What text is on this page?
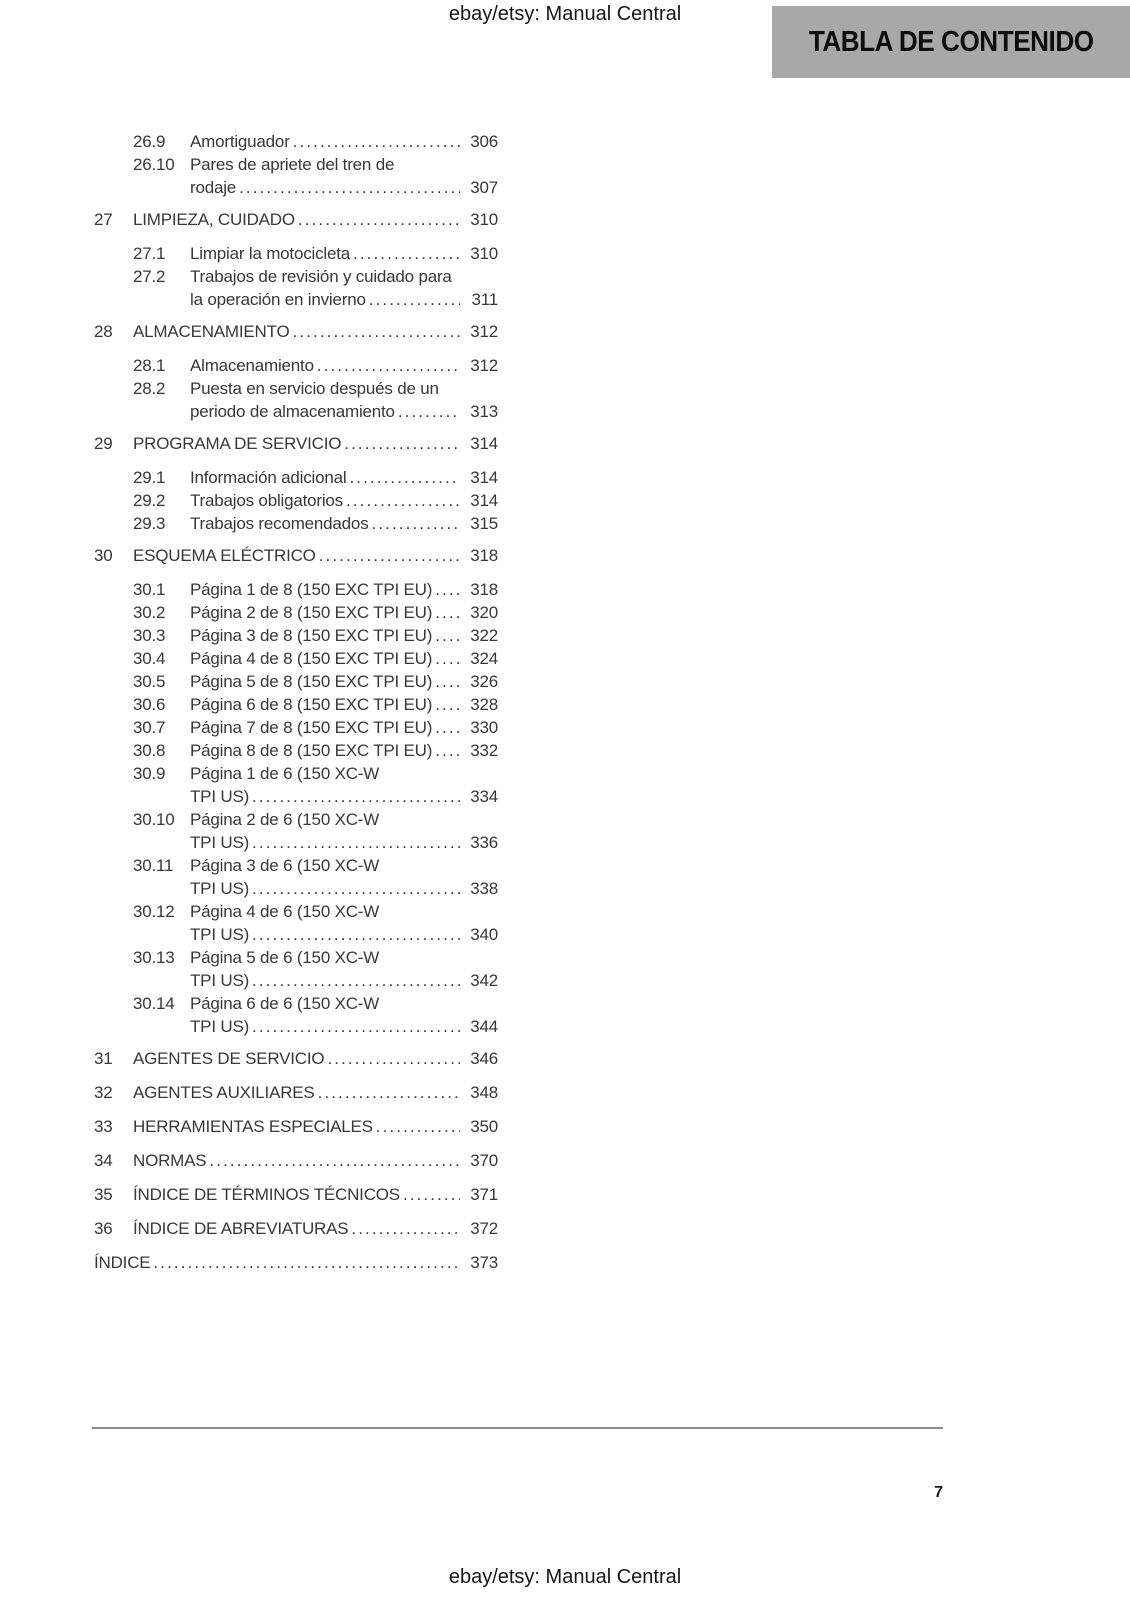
ebay/etsy: Manual Central
TABLA DE CONTENIDO
26.9	Amortiguador .....	306
26.10 Pares de apriete del tren de
rodaje .....	307
27	LIMPIEZA, CUIDADO .....	310
27.1	Limpiar la motocicleta .....	310
27.2	Trabajos de revisión y cuidado para
la operación en invierno .....	311
28	ALMACENAMIENTO .....	312
28.1	Almacenamiento .....	312
28.2	Puesta en servicio después de un
periodo de almacenamiento .....	313
29	PROGRAMA DE SERVICIO .....	314
29.1	Información adicional .....	314
29.2	Trabajos obligatorios .....	314
29.3	Trabajos recomendados .....	315
30	ESQUEMA ELÉCTRICO .....	318
30.1	Página 1 de 8 (150 EXC TPI EU) .....	318
30.2	Página 2 de 8 (150 EXC TPI EU) .....	320
30.3	Página 3 de 8 (150 EXC TPI EU) .....	322
30.4	Página 4 de 8 (150 EXC TPI EU) .....	324
30.5	Página 5 de 8 (150 EXC TPI EU) .....	326
30.6	Página 6 de 8 (150 EXC TPI EU) .....	328
30.7	Página 7 de 8 (150 EXC TPI EU) .....	330
30.8	Página 8 de 8 (150 EXC TPI EU) .....	332
30.9	Página 1 de 6 (150 XC-W
TPI US) .....	334
30.10 Página 2 de 6 (150 XC-W
TPI US) .....	336
30.11 Página 3 de 6 (150 XC-W
TPI US) .....	338
30.12 Página 4 de 6 (150 XC-W
TPI US) .....	340
30.13 Página 5 de 6 (150 XC-W
TPI US) .....	342
30.14 Página 6 de 6 (150 XC-W
TPI US) .....	344
31	AGENTES DE SERVICIO .....	346
32	AGENTES AUXILIARES .....	348
33	HERRAMIENTAS ESPECIALES .....	350
34	NORMAS .....	370
35	ÍNDICE DE TÉRMINOS TÉCNICOS .....	371
36	ÍNDICE DE ABREVIATURAS .....	372
ÍNDICE .....	373
7
ebay/etsy: Manual Central
